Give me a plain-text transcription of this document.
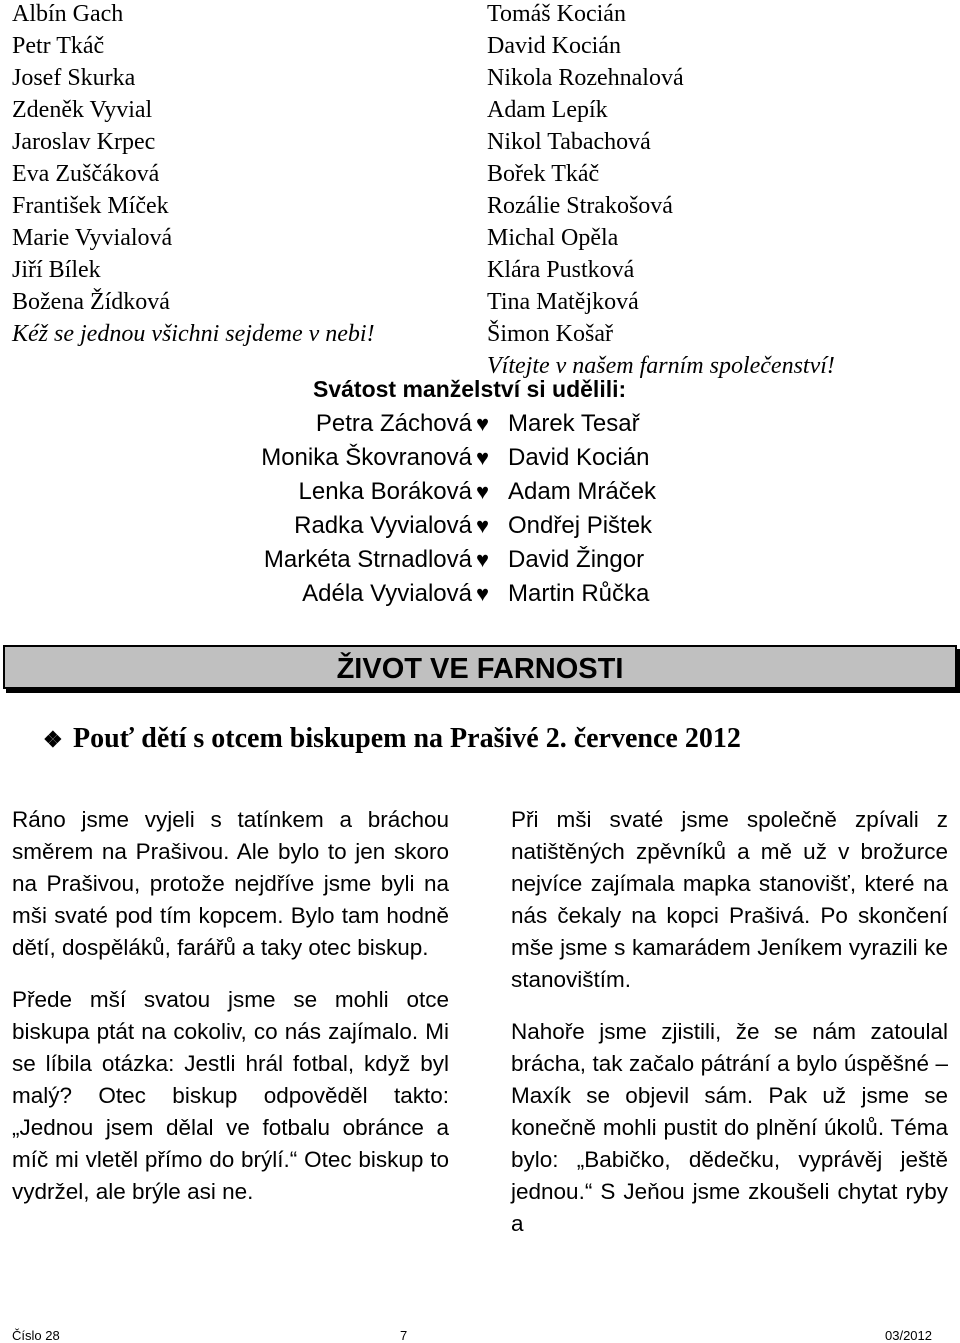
Albín Gach
Petr Tkáč
Josef Skurka
Zdeněk Vyvial
Jaroslav Krpec
Eva Zuščáková
František Míček
Marie Vyvialová
Jiří Bílek
Božena Žídková
Kéž se jednou všichni sejdeme v nebi!
Tomáš Kocián
David Kocián
Nikola Rozehnalová
Adam Lepík
Nikol Tabachová
Bořek Tkáč
Rozálie Strakošová
Michal Opěla
Klára Pustková
Tina Matějková
Šimon Košař
Vítejte v našem farním společenství!
Svátost manželství si udělili:
Petra Záchová ♥ Marek Tesař
Monika Škovranová ♥ David Kocián
Lenka Boráková ♥ Adam Mráček
Radka Vyvialová ♥ Ondřej Pištek
Markéta Strnadlová ♥ David Žingor
Adéla Vyvialová ♥ Martin Růčka
ŽIVOT VE FARNOSTI
❖ Pouť dětí s otcem biskupem na Prašivé 2. července 2012

Ráno jsme vyjeli s tatínkem a bráchou směrem na Prašivou. Ale bylo to jen skoro na Prašivou, protože nejdříve jsme byli na mši svaté pod tím kopcem. Bylo tam hodně dětí, dospěláků, farářů a taky otec biskup.

Přede mší svatou jsme se mohli otce biskupa ptát na cokoliv, co nás zajímalo. Mi se líbila otázka: Jestli hrál fotbal, když byl malý? Otec biskup odpověděl takto: „Jednou jsem dělal ve fotbalu obránce a míč mi vletěl přímo do brýlí.“ Otec biskup to vydržel, ale brýle asi ne.

Při mši svaté jsme společně zpívali z natištěných zpěvníků a mě už v brožurce nejvíce zajímala mapka stanovišť, které na nás čekaly na kopci Prašivá. Po skončení mše jsme s kamarádem Jeníkem vyrazili ke stanovištím.

Nahoře jsme zjistili, že se nám zatoulal brácha, tak začalo pátrání a bylo úspěšné – Maxík se objevil sám. Pak už jsme se konečně mohli pustit do plnění úkolů. Téma bylo: „Babičko, dědečku, vyprávěj ještě jednou.“ S Jeňou jsme zkoušeli chytat ryby a

Číslo 28	7	03/2012
